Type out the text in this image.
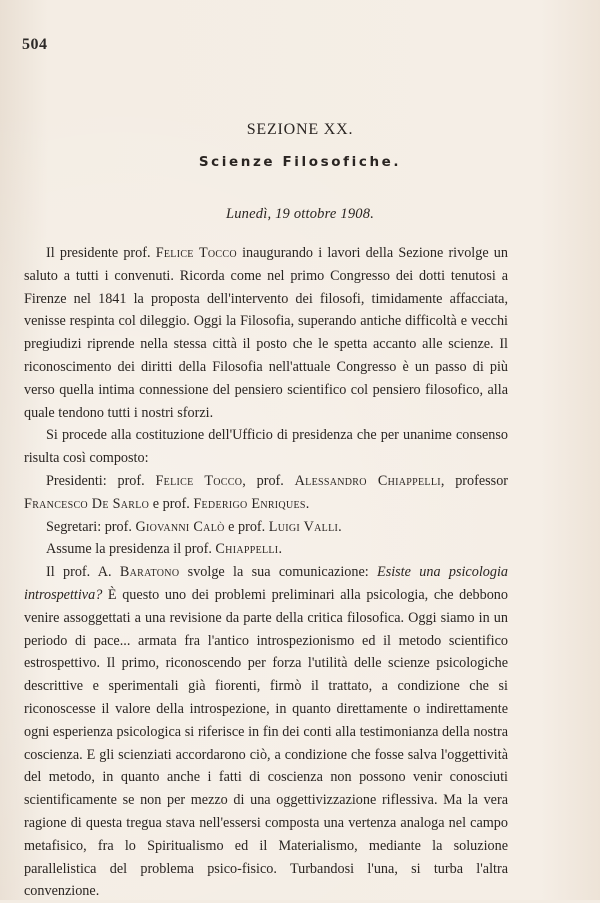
504
SEZIONE XX.
Scienze Filosofiche.
Lunedì, 19 ottobre 1908.

Il presidente prof. Felice Tocco inaugurando i lavori della Sezione rivolge un saluto a tutti i convenuti. Ricorda come nel primo Congresso dei dotti tenutosi a Firenze nel 1841 la proposta dell'intervento dei filosofi, timidamente affacciata, venisse respinta col dileggio. Oggi la Filosofia, superando antiche difficoltà e vecchi pregiudizi riprende nella stessa città il posto che le spetta accanto alle scienze. Il riconoscimento dei diritti della Filosofia nell'attuale Congresso è un passo di più verso quella intima connessione del pensiero scientifico col pensiero filosofico, alla quale tendono tutti i nostri sforzi.

Si procede alla costituzione dell'Ufficio di presidenza che per unanime consenso risulta così composto:

Presidenti: prof. Felice Tocco, prof. Alessandro Chiappelli, professor Francesco De Sarlo e prof. Federigo Enriques.

Segretari: prof. Giovanni Calò e prof. Luigi Valli.

Assume la presidenza il prof. Chiappelli.

Il prof. A. Baratono svolge la sua comunicazione: Esiste una psicologia introspettiva? È questo uno dei problemi preliminari alla psicologia, che debbono venire assoggettati a una revisione da parte della critica filosofica. Oggi siamo in un periodo di pace... armata fra l'antico introspezionismo ed il metodo scientifico estrospettivo. Il primo, riconoscendo per forza l'utilità delle scienze psicologiche descrittive e sperimentali già fiorenti, firmò il trattato, a condizione che si riconoscesse il valore della introspezione, in quanto direttamente o indirettamente ogni esperienza psicologica si riferisce in fin dei conti alla testimonianza della nostra coscienza. E gli scienziati accordarono ciò, a condizione che fosse salva l'oggettività del metodo, in quanto anche i fatti di coscienza non possono venir conosciuti scientificamente se non per mezzo di una oggettivizzazione riflessiva. Ma la vera ragione di questa tregua stava nell'essersi composta una vertenza analoga nel campo metafisico, fra lo Spiritualismo ed il Materialismo, mediante la soluzione parallelistica del problema psico-fisico. Turbandosi l'una, si turba l'altra convenzione.
